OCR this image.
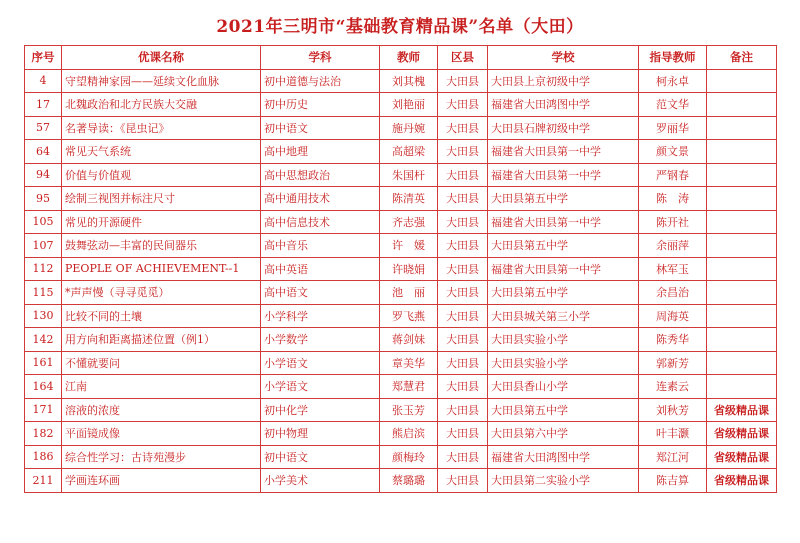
2021年三明市“基础教育精品课”名单（大田）
序号	优课名称	学科	教师	区县	学校	指导教师	备注
4	守望精神家园——延续文化血脉	初中道德与法治	刘其槐	大田县	大田县上京初级中学	柯永卓	
17	北魏政治和北方民族大交融	初中历史	刘艳丽	大田县	福建省大田鸿图中学	范文华	
57	名著导读：《昆虫记》	初中语文	施丹婉	大田县	大田县石牌初级中学	罗丽华	
64	常见天气系统	高中地理	高超梁	大田县	福建省大田县第一中学	颜文景	
94	价值与价值观	高中思想政治	朱国杆	大田县	福建省大田县第一中学	严钢春	
95	绘制三视图并标注尺寸	高中通用技术	陈清英	大田县	大田县第五中学	陈　涛	
105	常见的开源硬件	高中信息技术	齐志强	大田县	福建省大田县第一中学	陈开社	
107	鼓舞弦动—丰富的民间器乐	高中音乐	许　媛	大田县	大田县第五中学	余丽萍	
112	PEOPLE OF ACHIEVEMENT--1	高中英语	许晓娟	大田县	福建省大田县第一中学	林军玉	
115	*声声慢（寻寻觅觅）	高中语文	池　丽	大田县	大田县第五中学	余昌治	
130	比较不同的土壤	小学科学	罗飞燕	大田县	大田县城关第三小学	周海英	
142	用方向和距离描述位置（例1）	小学数学	蒋剑妹	大田县	大田县实验小学	陈秀华	
161	不懂就要问	小学语文	章美华	大田县	大田县实验小学	郭新芳	
164	江南	小学语文	郑慧君	大田县	大田县香山小学	连素云	
171	溶液的浓度	初中化学	张玉芳	大田县	大田县第五中学	刘秋芳	省级精品课
182	平面镜成像	初中物理	熊启滨	大田县	大田县第六中学	叶丰灏	省级精品课
186	综合性学习：古诗苑漫步	初中语文	颜梅玲	大田县	福建省大田鸿图中学	郑江河	省级精品课
211	学画连环画	小学美术	蔡璐璐	大田县	大田县第二实验小学	陈吉算	省级精品课
